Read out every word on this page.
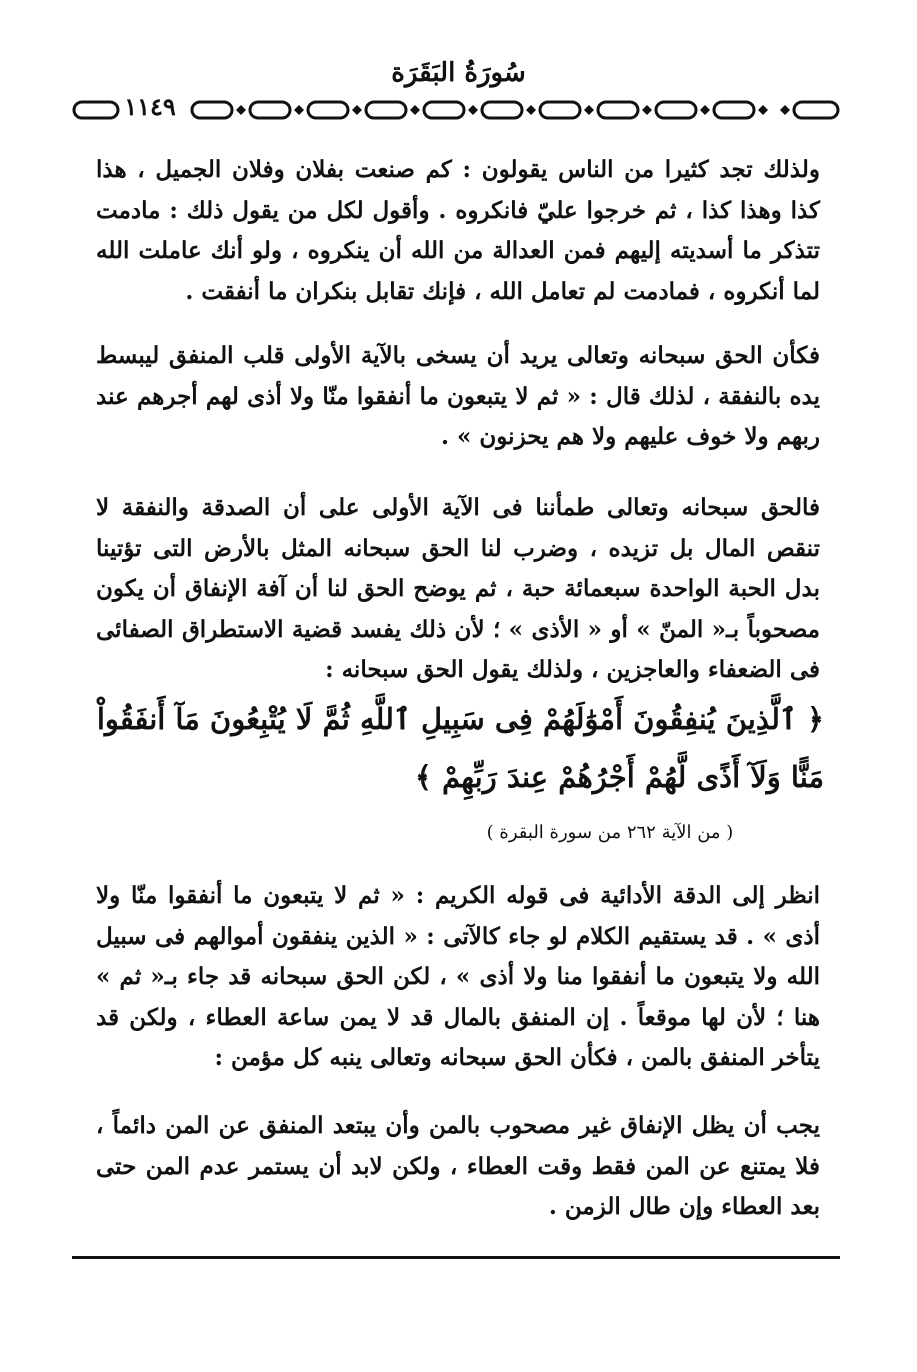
سُورَةُ البَقَرَة
١١٤٩

ولذلك تجد كثيرا من الناس يقولون : كم صنعت بفلان وفلان الجميل ، هذا كذا وهذا كذا ، ثم خرجوا عليّ فانكروه . وأقول لكل من يقول ذلك : مادمت تتذكر ما أسديته إليهم فمن العدالة من الله أن ينكروه ، ولو أنك عاملت الله لما أنكروه ، فمادمت لم تعامل الله ، فإنك تقابل بنكران ما أنفقت .

فكأن الحق سبحانه وتعالى يريد أن يسخى بالآية الأولى قلب المنفق ليبسط يده بالنفقة ، لذلك قال : « ثم لا يتبعون ما أنفقوا منّا ولا أذى لهم أجرهم عند ربهم ولا خوف عليهم ولا هم يحزنون » .

فالحق سبحانه وتعالى طمأننا فى الآية الأولى على أن الصدقة والنفقة لا تنقص المال بل تزيده ، وضرب لنا الحق سبحانه المثل بالأرض التى تؤتينا بدل الحبة الواحدة سبعمائة حبة ، ثم يوضح الحق لنا أن آفة الإنفاق أن يكون مصحوباً بـ« المنّ » أو « الأذى » ؛ لأن ذلك يفسد قضية الاستطراق الصفائى فى الضعفاء والعاجزين ، ولذلك يقول الحق سبحانه :

﴿ ٱلَّذِينَ يُنفِقُونَ أَمْوَٰلَهُمْ فِى سَبِيلِ ٱللَّهِ ثُمَّ لَا يُتْبِعُونَ مَآ أَنفَقُواْ مَنًّا وَلَآ أَذًى لَّهُمْ أَجْرُهُمْ عِندَ رَبِّهِمْ ﴾

( من الآية ٢٦٢ من سورة البقرة )

انظر إلى الدقة الأدائية فى قوله الكريم : « ثم لا يتبعون ما أنفقوا منّا ولا أذى » . قد يستقيم الكلام لو جاء كالآتى : « الذين ينفقون أموالهم فى سبيل الله ولا يتبعون ما أنفقوا منا ولا أذى » ، لكن الحق سبحانه قد جاء بـ« ثم » هنا ؛ لأن لها موقعاً . إن المنفق بالمال قد لا يمن ساعة العطاء ، ولكن قد يتأخر المنفق بالمن ، فكأن الحق سبحانه وتعالى ينبه كل مؤمن :

يجب أن يظل الإنفاق غير مصحوب بالمن وأن يبتعد المنفق عن المن دائماً ، فلا يمتنع عن المن فقط وقت العطاء ، ولكن لابد أن يستمر عدم المن حتى بعد العطاء وإن طال الزمن .
